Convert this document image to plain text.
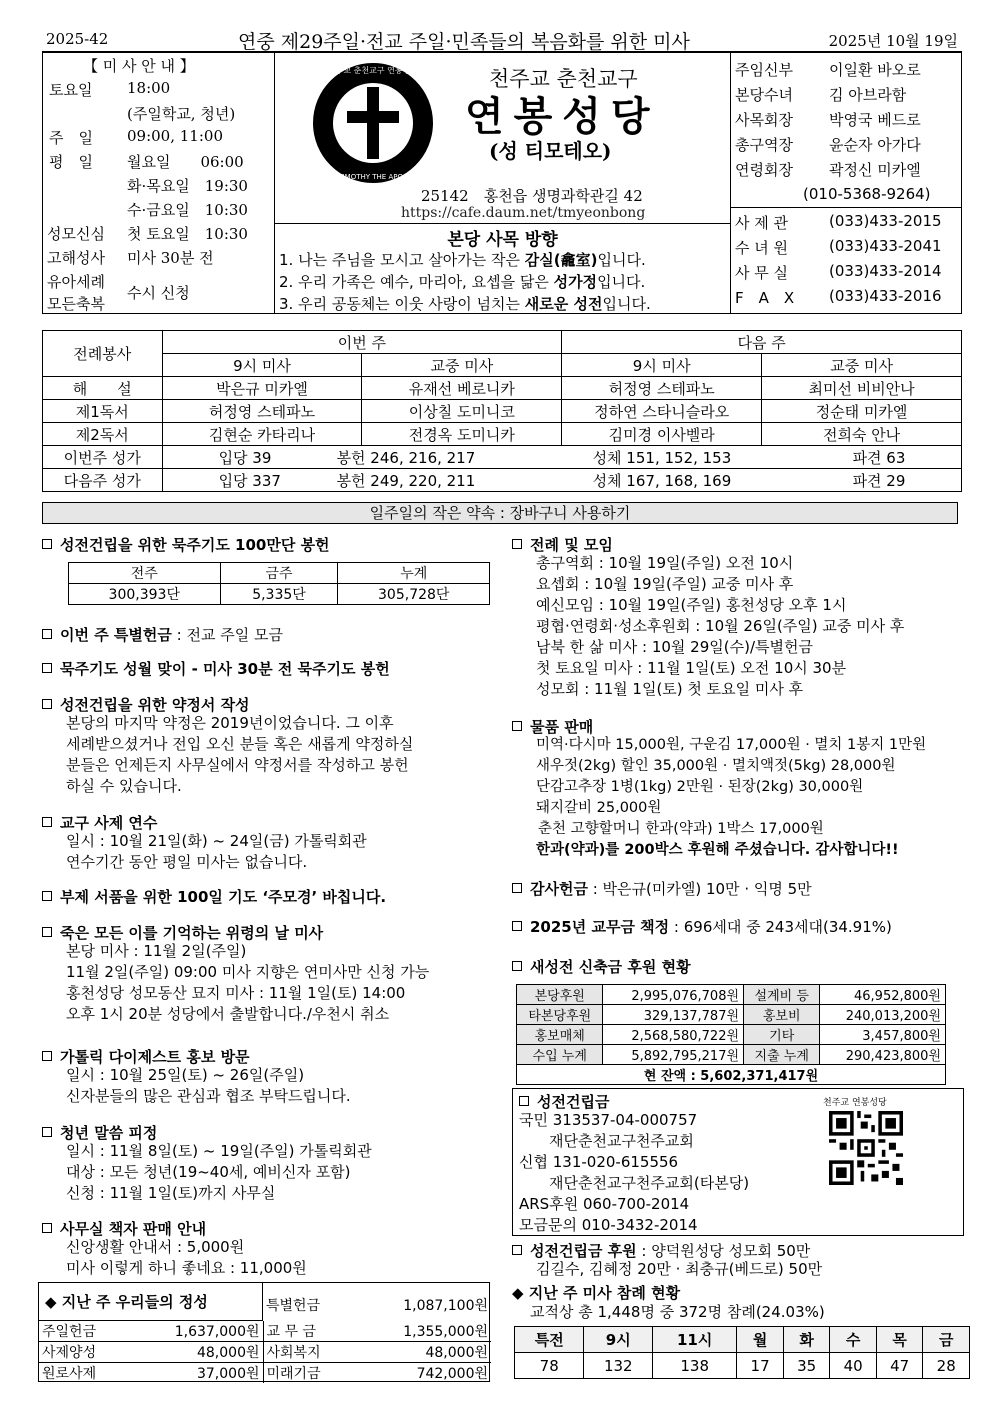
2025-42	연중 제29주일·전교 주일·민족들의 복음화를 위한 미사	2025년 10월 19일
【 미 사 안 내 】
토요일 18:00
(주일학교, 청년)
주　일 09:00, 11:00
평　일 월요일　　06:00
화·목요일　19:30
수·금요일　10:30
성모신심 첫 토요일　10:30
고해성사 미사 30분 전
유아세례
모든축복
수시 신청
천주교 춘천교구 연봉성당
ST. TIMOTHY THE APOSTLE
A	Ω
천주교 춘천교구
연봉성당
(성 티모테오)
25142　홍천읍 생명과학관길 42
https://cafe.daum.net/tmyeonbong
본당 사목 방향
1. 나는 주님을 모시고 살아가는 작은 감실(龕室)입니다.
2. 우리 가족은 예수, 마리아, 요셉을 닮은 성가정입니다.
3. 우리 공동체는 이웃 사랑이 넘치는 새로운 성전입니다.
주임신부 이일환 바오로
본당수녀 김 아브라함
사목회장 박영국 베드로
총구역장 윤순자 아가다
연령회장 곽정신 미카엘
(010-5368-9264)
사 제 관	(033)433-2015
수 녀 원	(033)433-2041
사 무 실	(033)433-2014
F　A　X (033)433-2016
전례봉사	이번 주		다음 주	
	9시 미사	교중 미사	9시 미사	교중 미사
해　　설	박은규 미카엘	유재선 베로니카	허정영 스테파노	최미선 비비안나
제1독서	허정영 스테파노	이상칠 도미니코	정하연 스타니슬라오	정순태 미카엘
제2독서	김현순 카타리나	전경옥 도미니카	김미경 이사벨라	전희숙 안나
이번주 성가	입당 39 봉헌 246, 216, 217 성체 151, 152, 153 파견 63			
다음주 성가	입당 337 봉헌 249, 220, 211 성체 167, 168, 169 파견 29			
일주일의 작은 약속 : 장바구니 사용하기
성전건립을 위한 묵주기도 100만단 봉헌
전주	금주	누계
300,393단	5,335단	305,728단
이번 주 특별헌금 : 전교 주일 모금
묵주기도 성월 맞이 - 미사 30분 전 묵주기도 봉헌
성전건립을 위한 약정서 작성
본당의 마지막 약정은 2019년이었습니다. 그 이후
세례받으셨거나 전입 오신 분들 혹은 새롭게 약정하실
분들은 언제든지 사무실에서 약정서를 작성하고 봉헌
하실 수 있습니다.
교구 사제 연수
일시 : 10월 21일(화) ~ 24일(금) 가톨릭회관
연수기간 동안 평일 미사는 없습니다.
부제 서품을 위한 100일 기도 ‘주모경’ 바칩니다.
죽은 모든 이를 기억하는 위령의 날 미사
본당 미사 : 11월 2일(주일)
11월 2일(주일) 09:00 미사 지향은 연미사만 신청 가능
홍천성당 성모동산 묘지 미사 : 11월 1일(토) 14:00
오후 1시 20분 성당에서 출발합니다./우천시 취소
가톨릭 다이제스트 홍보 방문
일시 : 10월 25일(토) ~ 26일(주일)
신자분들의 많은 관심과 협조 부탁드립니다.
청년 말씀 피정
일시 : 11월 8일(토) ~ 19일(주일) 가톨릭회관
대상 : 모든 청년(19~40세, 예비신자 포함)
신청 : 11월 1일(토)까지 사무실
사무실 책자 판매 안내
신앙생활 안내서 : 5,000원
미사 이렇게 하니 좋네요 : 11,000원
◆ 지난 주 우리들의 정성
			특별헌금	1,087,100원
주일헌금	1,637,000원	교 무 금	1,355,000원
사제양성	48,000원	사회복지	48,000원
원로사제	37,000원	미래기금	742,000원
전례 및 모임
총구역회 : 10월 19일(주일) 오전 10시
요셉회 : 10월 19일(주일) 교중 미사 후
예신모임 : 10월 19일(주일) 홍천성당 오후 1시
평협·연령회·성소후원회 : 10월 26일(주일) 교중 미사 후
남북 한 삶 미사 : 10월 29일(수)/특별헌금
첫 토요일 미사 : 11월 1일(토) 오전 10시 30분
성모회 : 11월 1일(토) 첫 토요일 미사 후
물품 판매
미역·다시마 15,000원, 구운김 17,000원 · 멸치 1봉지 1만원
새우젓(2kg) 할인 35,000원 · 멸치액젓(5kg) 28,000원
단감고추장 1병(1kg) 2만원 · 된장(2kg) 30,000원
돼지갈비 25,000원
춘천 고향할머니 한과(약과) 1박스 17,000원
한과(약과)를 200박스 후원해 주셨습니다. 감사합니다!!
감사헌금 : 박은규(미카엘) 10만 · 익명 5만
2025년 교무금 책정 : 696세대 중 243세대(34.91%)
새성전 신축금 후원 현황
본당후원	2,995,076,708원	설계비 등	46,952,800원
타본당후원	329,137,787원	홍보비	240,013,200원
홍보매체	2,568,580,722원	기타	3,457,800원
수입 누계	5,892,795,217원	지출 누계	290,423,800원
현 잔액 : 5,602,371,417원			
성전건립금
국민 313537-04-000757
　　재단춘천교구천주교회
신협 131-020-615556
　　재단춘천교구천주교회(타본당)
ARS후원 060-700-2014
모금문의 010-3432-2014
천주교 연봉성당
성전건립금 후원 : 양덕원성당 성모회 50만
김길수, 김혜정 20만 · 최충규(베드로) 50만
◆ 지난 주 미사 참례 현황
교적상 총 1,448명 중 372명 참례(24.03%)
특전	9시	11시	월	화	수	목	금
78	132	138	17	35	40	47	28
